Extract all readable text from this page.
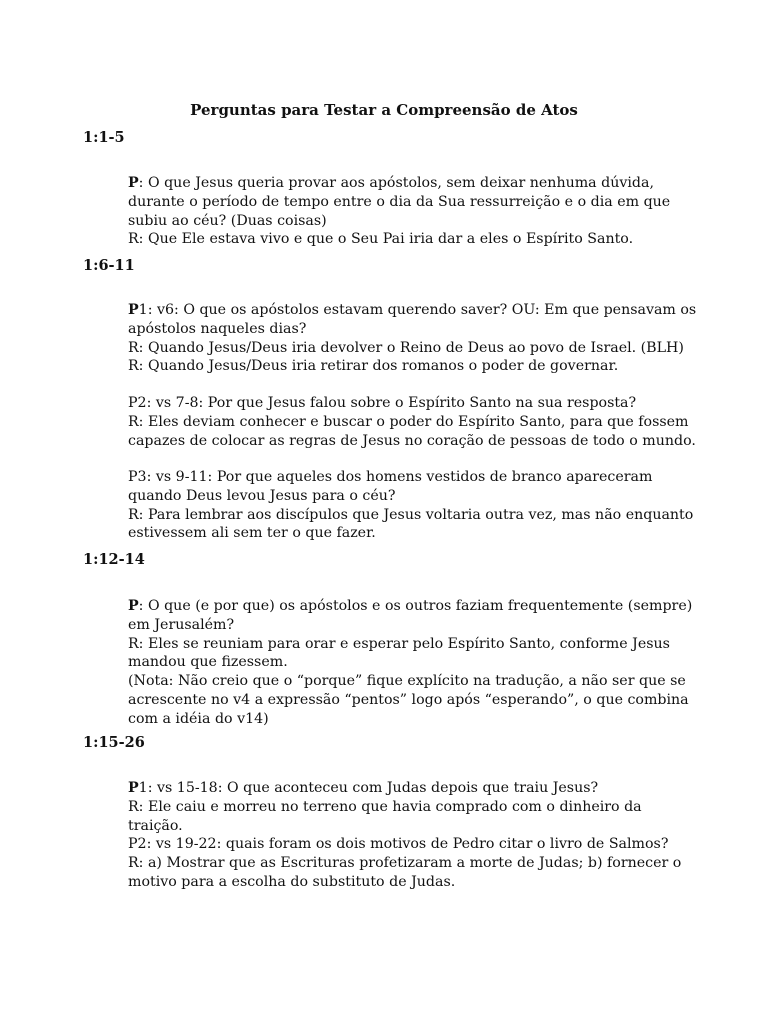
Perguntas para Testar a Compreensão de Atos
1:1-5

P: O que Jesus queria provar aos apóstolos, sem deixar nenhuma dúvida, durante o período de tempo entre o dia da Sua ressurreição e o dia em que subiu ao céu? (Duas coisas)

R: Que Ele estava vivo e que o Seu Pai iria dar a eles o Espírito Santo.

1:6-11

P1: v6: O que os apóstolos estavam querendo saver? OU: Em que pensavam os apóstolos naqueles dias?

R: Quando Jesus/Deus iria devolver o Reino de Deus ao povo de Israel. (BLH)

R: Quando Jesus/Deus iria retirar dos romanos o poder de governar.

P2: vs 7-8: Por que Jesus falou sobre o Espírito Santo na sua resposta?

R: Eles deviam conhecer e buscar o poder do Espírito Santo, para que fossem capazes de colocar as regras de Jesus no coração de pessoas de todo o mundo.

P3: vs 9-11: Por que aqueles dos homens vestidos de branco apareceram quando Deus levou Jesus para o céu?

R: Para lembrar aos discípulos que Jesus voltaria outra vez, mas não enquanto estivessem ali sem ter o que fazer.

1:12-14

P: O que (e por que) os apóstolos e os outros faziam frequentemente (sempre) em Jerusalém?

R: Eles se reuniam para orar e esperar pelo Espírito Santo, conforme Jesus mandou que fizessem.

(Nota: Não creio que o “porque” fique explícito na tradução, a não ser que se acrescente no v4 a expressão “pentos” logo após “esperando”, o que combina com a idéia do v14)

1:15-26

P1: vs 15-18: O que aconteceu com Judas depois que traiu Jesus?

R: Ele caiu e morreu no terreno que havia comprado com o dinheiro da traição.

P2: vs 19-22: quais foram os dois motivos de Pedro citar o livro de Salmos?

R: a) Mostrar que as Escrituras profetizaram a morte de Judas; b) fornecer o motivo para a escolha do substituto de Judas.
